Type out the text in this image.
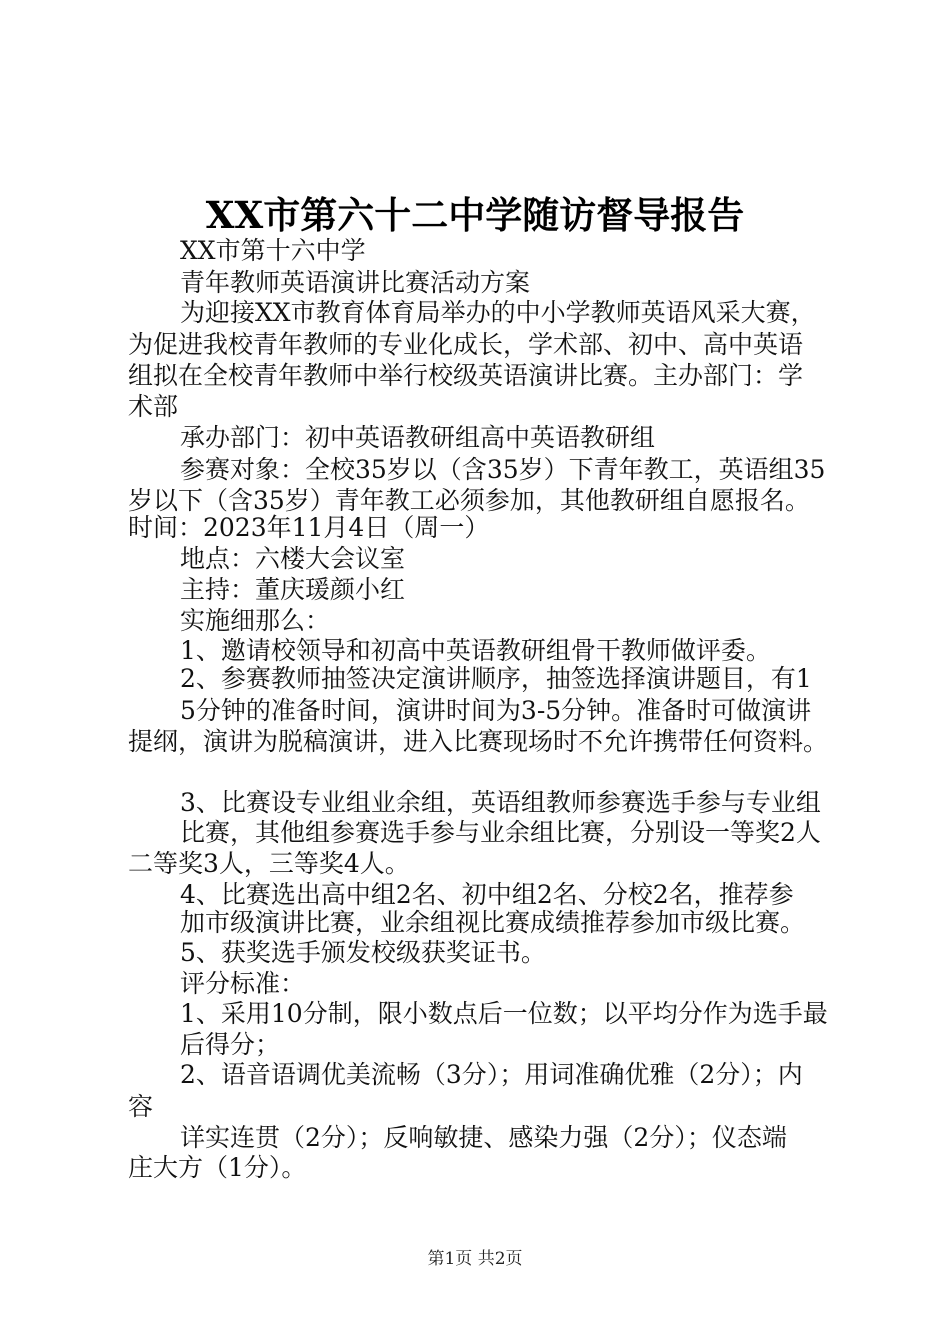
XX市第六十二中学随访督导报告

XX市第十六中学

青年教师英语演讲比赛活动方案

为迎接XX市教育体育局举办的中小学教师英语风采大赛，

为促进我校青年教师的专业化成长，学术部、初中、高中英语

组拟在全校青年教师中举行校级英语演讲比赛。主办部门：学

术部

承办部门：初中英语教研组高中英语教研组

参赛对象：全校35岁以（含35岁）下青年教工，英语组35

岁以下（含35岁）青年教工必须参加，其他教研组自愿报名。

时间：2023年11月4日（周一）

地点：六楼大会议室

主持：董庆瑗颜小红

实施细那么：

1、邀请校领导和初高中英语教研组骨干教师做评委。

2、参赛教师抽签决定演讲顺序，抽签选择演讲题目，有1

5分钟的准备时间，演讲时间为3-5分钟。准备时可做演讲

提纲，演讲为脱稿演讲，进入比赛现场时不允许携带任何资料。

3、比赛设专业组业余组，英语组教师参赛选手参与专业组

比赛，其他组参赛选手参与业余组比赛，分别设一等奖2人

二等奖3人，三等奖4人。

4、比赛选出高中组2名、初中组2名、分校2名，推荐参

加市级演讲比赛，业余组视比赛成绩推荐参加市级比赛。

5、获奖选手颁发校级获奖证书。

评分标准：

1、采用10分制，限小数点后一位数；以平均分作为选手最

后得分；

2、语音语调优美流畅（3分）；用词准确优雅（2分）；内

容

详实连贯（2分）；反响敏捷、感染力强（2分）；仪态端

庄大方（1分）。

第1页 共2页
